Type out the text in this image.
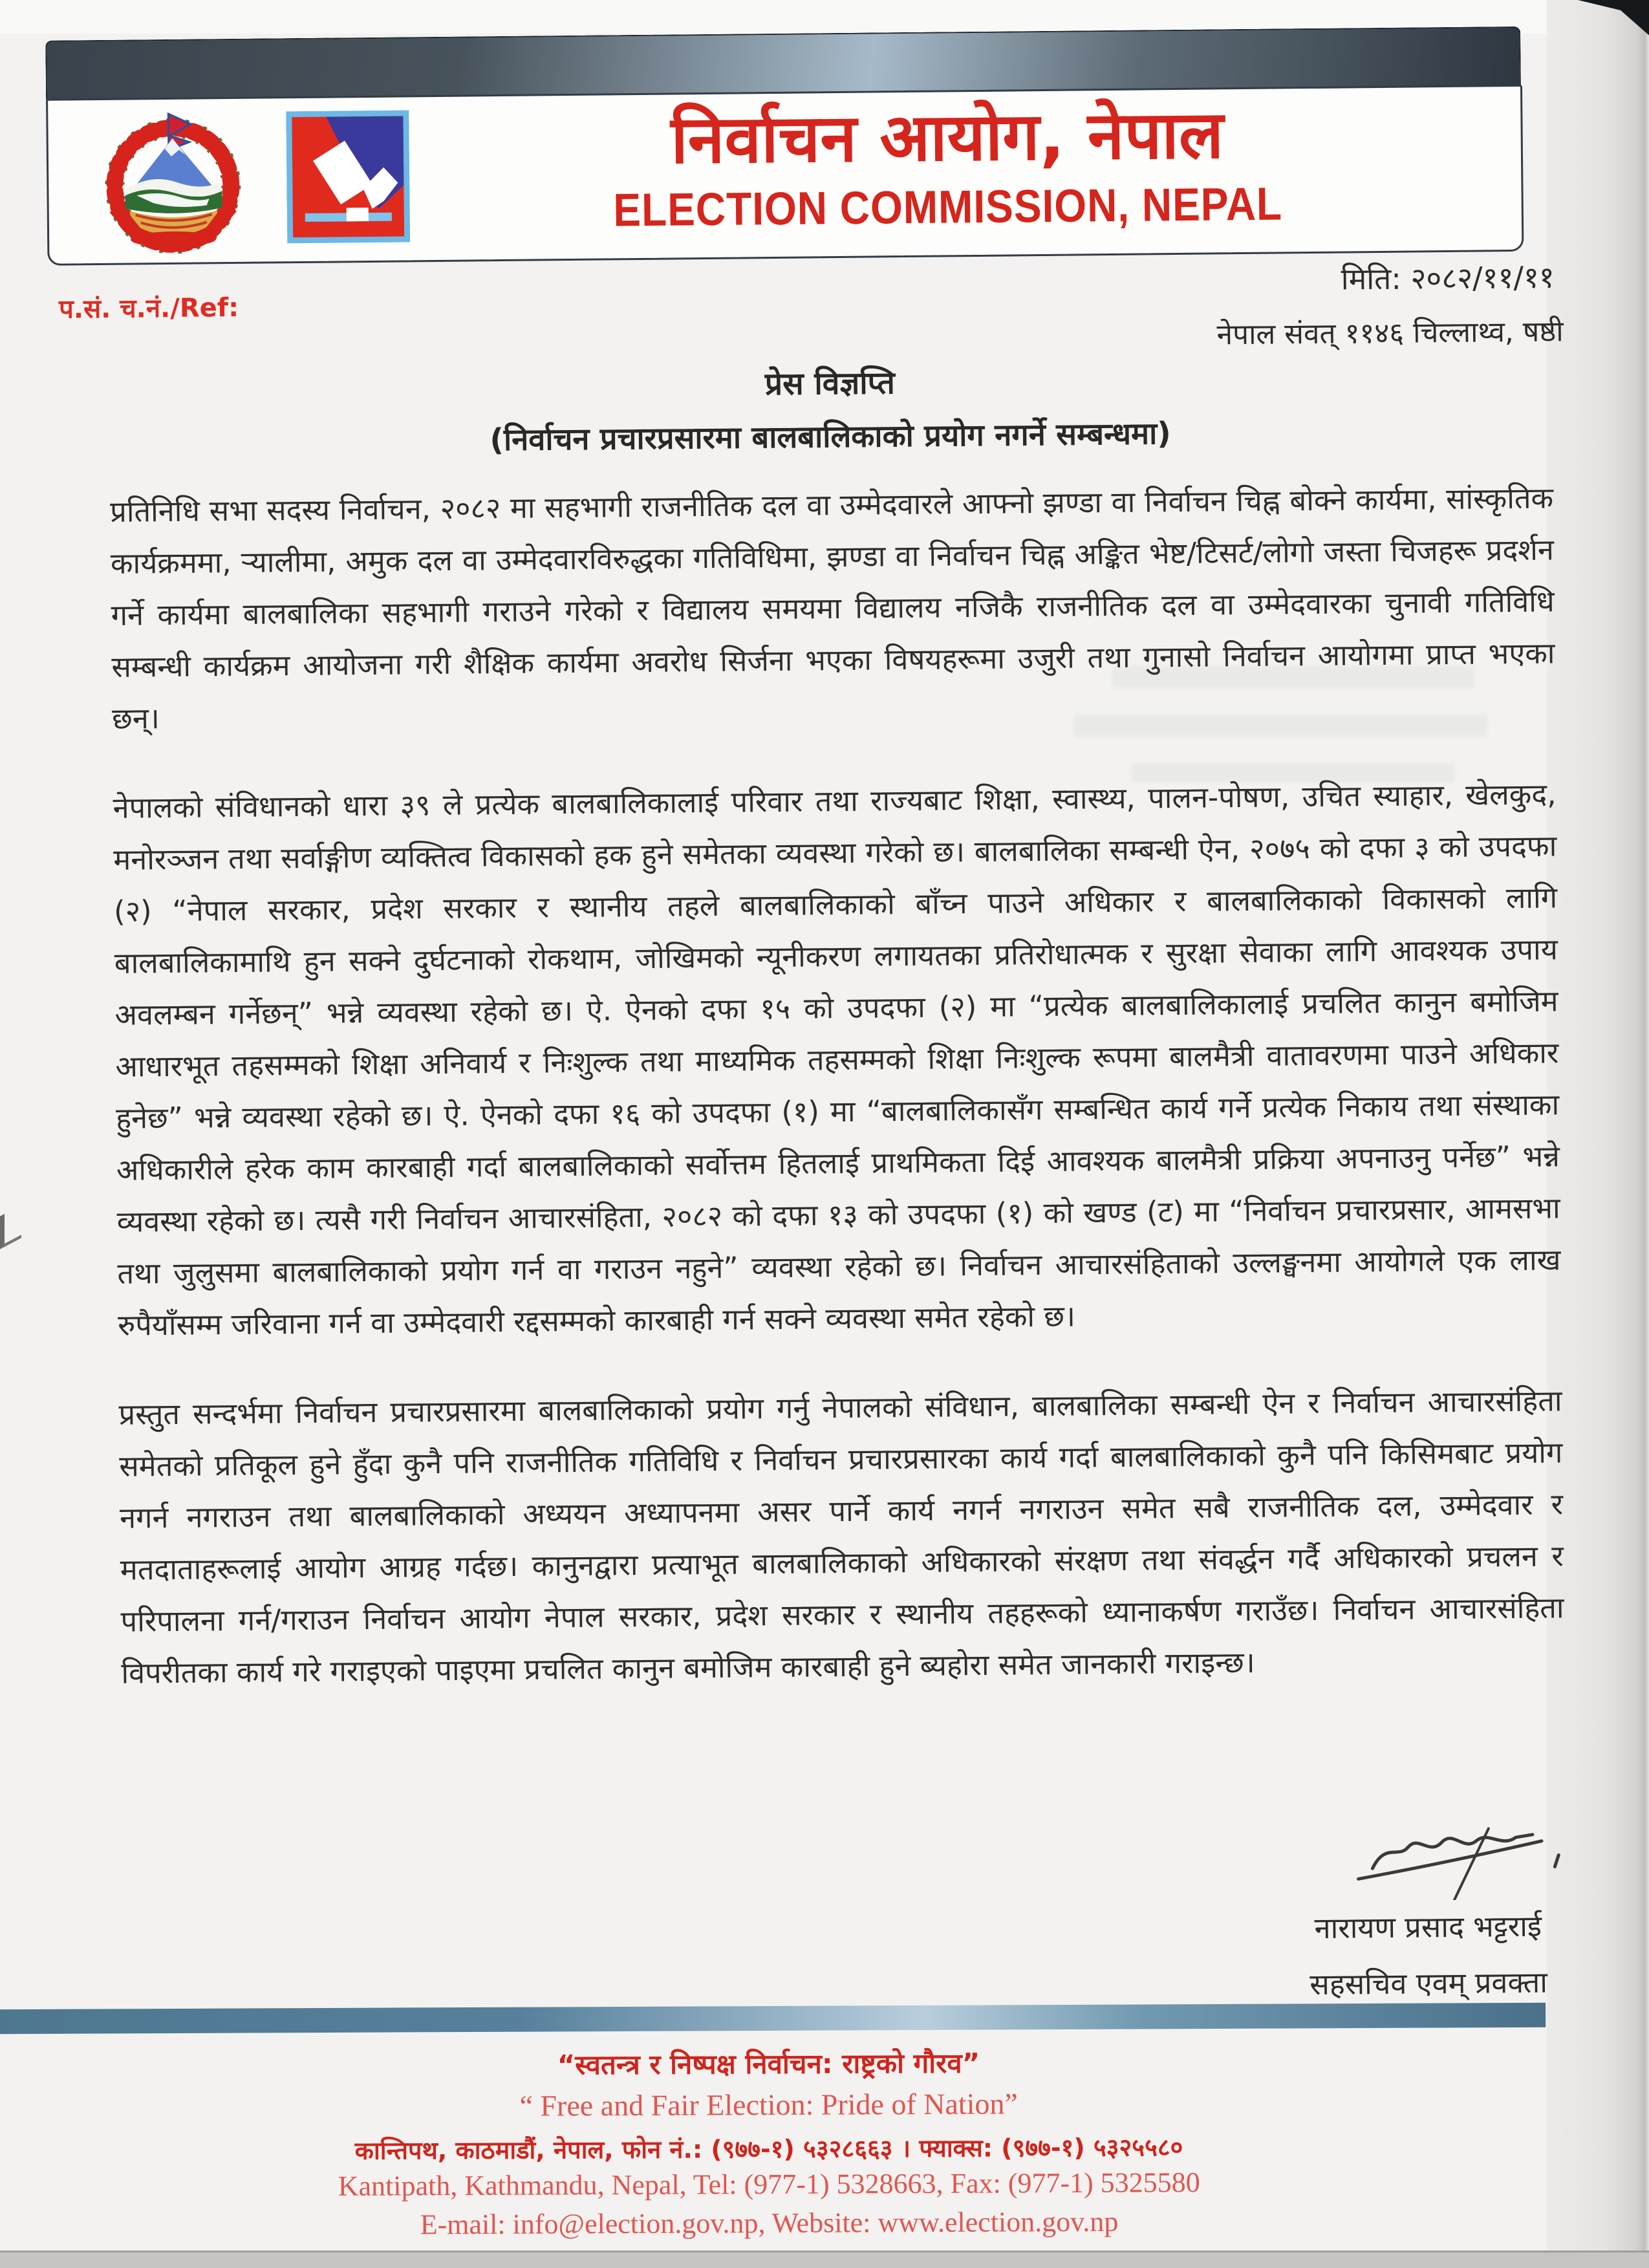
निर्वाचन आयोग, नेपाल
ELECTION COMMISSION, NEPAL
प.सं. च.नं./Ref:
मिति: २०८२/११/११
नेपाल संवत् ११४६ चिल्लाथ्व, षष्ठी
प्रेस विज्ञप्ति
(निर्वाचन प्रचारप्रसारमा बालबालिकाको प्रयोग नगर्ने सम्बन्धमा)

प्रतिनिधि सभा सदस्य निर्वाचन, २०८२ मा सहभागी राजनीतिक दल वा उम्मेदवारले आफ्नो झण्डा वा निर्वाचन चिह्न बोक्ने कार्यमा, सांस्कृतिक कार्यक्रममा, ऱ्यालीमा, अमुक दल वा उम्मेदवारविरुद्धका गतिविधिमा, झण्डा वा निर्वाचन चिह्न अङ्कित भेष्ट/टिसर्ट/लोगो जस्ता चिजहरू प्रदर्शन गर्ने कार्यमा बालबालिका सहभागी गराउने गरेको र विद्यालय समयमा विद्यालय नजिकै राजनीतिक दल वा उम्मेदवारका चुनावी गतिविधि सम्बन्धी कार्यक्रम आयोजना गरी शैक्षिक कार्यमा अवरोध सिर्जना भएका विषयहरूमा उजुरी तथा गुनासो निर्वाचन आयोगमा प्राप्त भएका छन्।

नेपालको संविधानको धारा ३९ ले प्रत्येक बालबालिकालाई परिवार तथा राज्यबाट शिक्षा, स्वास्थ्य, पालन-पोषण, उचित स्याहार, खेलकुद, मनोरञ्जन तथा सर्वाङ्गीण व्यक्तित्व विकासको हक हुने समेतका व्यवस्था गरेको छ। बालबालिका सम्बन्धी ऐन, २०७५ को दफा ३ को उपदफा (२) “नेपाल सरकार, प्रदेश सरकार र स्थानीय तहले बालबालिकाको बाँच्न पाउने अधिकार र बालबालिकाको विकासको लागि बालबालिकामाथि हुन सक्ने दुर्घटनाको रोकथाम, जोखिमको न्यूनीकरण लगायतका प्रतिरोधात्मक र सुरक्षा सेवाका लागि आवश्यक उपाय अवलम्बन गर्नेछन्” भन्ने व्यवस्था रहेको छ। ऐ. ऐनको दफा १५ को उपदफा (२) मा “प्रत्येक बालबालिकालाई प्रचलित कानुन बमोजिम आधारभूत तहसम्मको शिक्षा अनिवार्य र निःशुल्क तथा माध्यमिक तहसम्मको शिक्षा निःशुल्क रूपमा बालमैत्री वातावरणमा पाउने अधिकार हुनेछ” भन्ने व्यवस्था रहेको छ। ऐ. ऐनको दफा १६ को उपदफा (१) मा “बालबालिकासँग सम्बन्धित कार्य गर्ने प्रत्येक निकाय तथा संस्थाका अधिकारीले हरेक काम कारबाही गर्दा बालबालिकाको सर्वोत्तम हितलाई प्राथमिकता दिई आवश्यक बालमैत्री प्रक्रिया अपनाउनु पर्नेछ” भन्ने व्यवस्था रहेको छ। त्यसै गरी निर्वाचन आचारसंहिता, २०८२ को दफा १३ को उपदफा (१) को खण्ड (ट) मा “निर्वाचन प्रचारप्रसार, आमसभा तथा जुलुसमा बालबालिकाको प्रयोग गर्न वा गराउन नहुने” व्यवस्था रहेको छ। निर्वाचन आचारसंहिताको उल्लङ्घनमा आयोगले एक लाख रुपैयाँसम्म जरिवाना गर्न वा उम्मेदवारी रद्दसम्मको कारबाही गर्न सक्ने व्यवस्था समेत रहेको छ।

प्रस्तुत सन्दर्भमा निर्वाचन प्रचारप्रसारमा बालबालिकाको प्रयोग गर्नु नेपालको संविधान, बालबालिका सम्बन्धी ऐन र निर्वाचन आचारसंहिता समेतको प्रतिकूल हुने हुँदा कुनै पनि राजनीतिक गतिविधि र निर्वाचन प्रचारप्रसारका कार्य गर्दा बालबालिकाको कुनै पनि किसिमबाट प्रयोग नगर्न नगराउन तथा बालबालिकाको अध्ययन अध्यापनमा असर पार्ने कार्य नगर्न नगराउन समेत सबै राजनीतिक दल, उम्मेदवार र मतदाताहरूलाई आयोग आग्रह गर्दछ। कानुनद्वारा प्रत्याभूत बालबालिकाको अधिकारको संरक्षण तथा संवर्द्धन गर्दै अधिकारको प्रचलन र परिपालना गर्न/गराउन निर्वाचन आयोग नेपाल सरकार, प्रदेश सरकार र स्थानीय तहहरूको ध्यानाकर्षण गराउँछ। निर्वाचन आचारसंहिता विपरीतका कार्य गरे गराइएको पाइएमा प्रचलित कानुन बमोजिम कारबाही हुने ब्यहोरा समेत जानकारी गराइन्छ।

नारायण प्रसाद भट्टराई
सहसचिव एवम् प्रवक्ता
“स्वतन्त्र र निष्पक्ष निर्वाचन: राष्ट्रको गौरव”
“ Free and Fair Election: Pride of Nation”
कान्तिपथ, काठमाडौं, नेपाल, फोन नं.: (९७७-१) ५३२८६६३ । फ्याक्स: (९७७-१) ५३२५५८०
Kantipath, Kathmandu, Nepal, Tel: (977-1) 5328663, Fax: (977-1) 5325580
E-mail: info@election.gov.np, Website: www.election.gov.np
